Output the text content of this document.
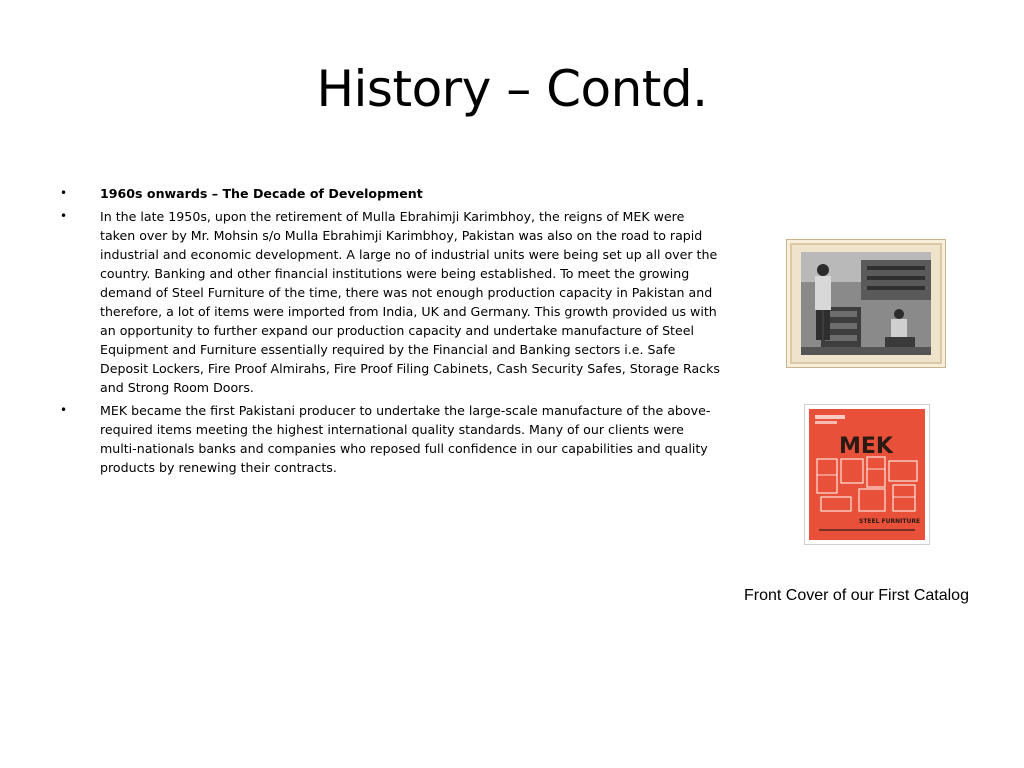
History – Contd.
•	1960s onwards – The Decade of Development
•	In the late 1950s, upon the retirement of Mulla Ebrahimji Karimbhoy, the reigns of MEK were taken over by Mr. Mohsin s/o Mulla Ebrahimji Karimbhoy, Pakistan was also on the road to rapid industrial and economic development. A large no of industrial units were being set up all over the country. Banking and other financial institutions were being established. To meet the growing demand of Steel Furniture of the time, there was not enough production capacity in Pakistan and therefore, a lot of items were imported from India, UK and Germany. This growth provided us with an opportunity to further expand our production capacity and undertake manufacture of Steel Equipment and Furniture essentially required by the Financial and Banking sectors i.e. Safe Deposit Lockers, Fire Proof Almirahs, Fire Proof Filing Cabinets, Cash Security Safes, Storage Racks and Strong Room Doors.
•	MEK became the first Pakistani producer to undertake the large-scale manufacture of the above-required items meeting the highest international quality standards. Many of our clients were multi-nationals banks and companies who reposed full confidence in our capabilities and quality products by renewing their contracts.
MEK
STEEL FURNITURE
Front Cover of our First Catalog
